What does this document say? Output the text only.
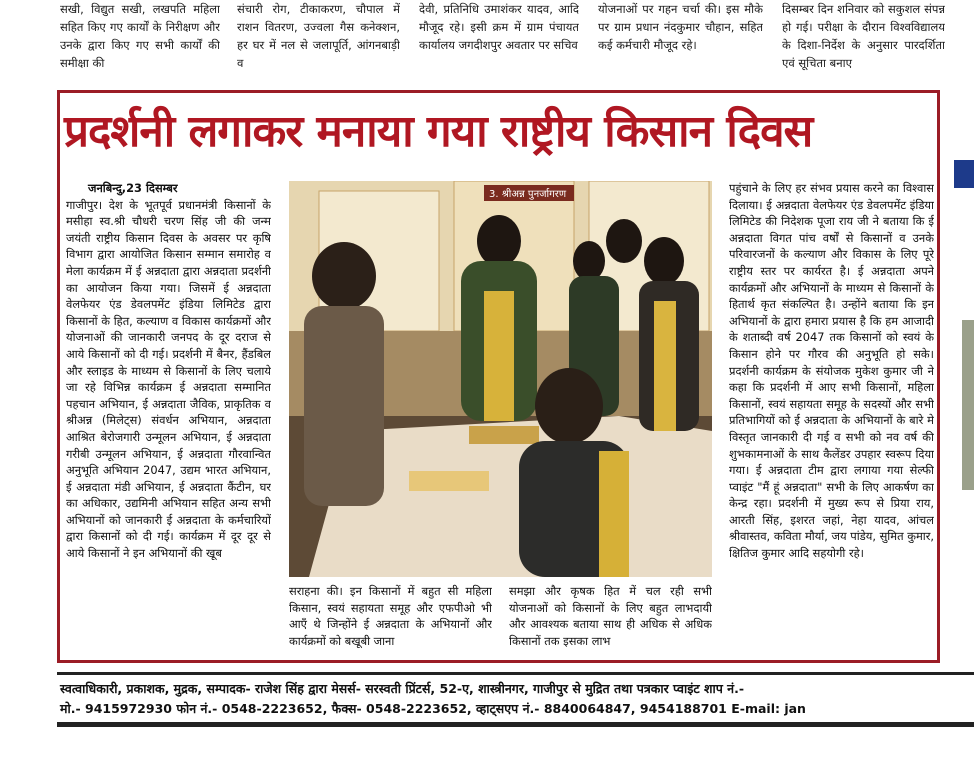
सखी, विद्युत सखी, लखपति महिला सहित किए गए कार्यों के निरीक्षण और उनके द्वारा किए गए सभी कार्यों की समीक्षा की

संचारी रोग, टीकाकरण, चौपाल में राशन वितरण, उज्वला गैस कनेक्शन, हर घर में नल से जलापूर्ति, आंगनबाड़ी व

देवी, प्रतिनिधि उमाशंकर यादव, आदि मौजूद रहे। इसी क्रम में ग्राम पंचायत कार्यालय जगदीशपुर अवतार पर सचिव

योजनाओं पर गहन चर्चा की। इस मौके पर ग्राम प्रधान नंदकुमार चौहान, सहित कई कर्मचारी मौजूद रहे।

दिसम्बर दिन शनिवार को सकुशल संपन्न हो गई। परीक्षा के दौरान विश्वविद्यालय के दिशा-निर्देश के अनुसार पारदर्शिता एवं सूचिता बनाए

प्रदर्शनी लगाकर मनाया गया राष्ट्रीय किसान दिवस

जनबिन्दु,23 दिसम्बर

गाजीपुर। देश के भूतपूर्व प्रधानमंत्री किसानों के मसीहा स्व.श्री चौधरी चरण सिंह जी की जन्म जयंती राष्ट्रीय किसान दिवस के अवसर पर कृषि विभाग द्वारा आयोजित किसान सम्मान समारोह व मेला कार्यक्रम में ई अन्नदाता द्वारा अन्नदाता प्रदर्शनी का आयोजन किया गया। जिसमें ई अन्नदाता वेलफेयर एंड डेवलपमेंट इंडिया लिमिटेड द्वारा किसानों के हित, कल्याण व विकास कार्यक्रमों और योजनाओं की जानकारी जनपद के दूर दराज से आये किसानों को दी गई। प्रदर्शनी में बैनर, हैंडबिल और स्लाइड के माध्यम से किसानों के लिए चलाये जा रहे विभिन्न कार्यक्रम ई अन्नदाता सम्मानित पहचान अभियान, ई अन्नदाता जैविक, प्राकृतिक व श्रीअन्न (मिलेट्स) संवर्धन अभियान, अन्नदाता आश्रित बेरोजगारी उन्मूलन अभियान, ई अन्नदाता गरीबी उन्मूलन अभियान, ई अन्नदाता गौरवान्वित अनुभूति अभियान 2047, उद्यम भारत अभियान, ई अन्नदाता मंडी अभियान, ई अन्नदाता कैंटीन, घर का अधिकार, उद्यमिनी अभियान सहित अन्य सभी अभियानों को जानकारी ई अन्नदाता के कर्मचारियों द्वारा किसानों को दी गई। कार्यक्रम में दूर दूर से आये किसानों ने इन अभियानों की खूब

3. श्रीअन्न पुनर्जागरण

सराहना की। इन किसानों में बहुत सी महिला किसान, स्वयं सहायता समूह और एफपीओ भी आएँ थे जिन्होंने ई अन्नदाता के अभियानों और कार्यक्रमों को बखूबी जाना

समझा और कृषक हित में चल रही सभी योजनाओं को किसानों के लिए बहुत लाभदायी और आवश्यक बताया साथ ही अधिक से अधिक किसानों तक इसका लाभ

पहुंचाने के लिए हर संभव प्रयास करने का विश्वास दिलाया। ई अन्नदाता वेलफेयर एंड डेवलपमेंट इंडिया लिमिटेड की निदेशक पूजा राय जी ने बताया कि ई अन्नदाता विगत पांच वर्षों से किसानों व उनके परिवारजनों के कल्याण और विकास के लिए पूरे राष्ट्रीय स्तर पर कार्यरत है। ई अन्नदाता अपने कार्यक्रमों और अभियानों के माध्यम से किसानों के हितार्थ कृत संकल्पित है। उन्होंने बताया कि इन अभियानों के द्वारा हमारा प्रयास है कि हम आजादी के शताब्दी वर्ष 2047 तक किसानों को स्वयं के किसान होने पर गौरव की अनुभूति हो सके। प्रदर्शनी कार्यक्रम के संयोजक मुकेश कुमार जी ने कहा कि प्रदर्शनी में आए सभी किसानों, महिला किसानों, स्वयं सहायता समूह के सदस्यों और सभी प्रतिभागियों को ई अन्नदाता के अभियानों के बारे मे विस्तृत जानकारी दी गई व सभी को नव वर्ष की शुभकामनाओं के साथ कैलेंडर उपहार स्वरूप दिया गया। ई अन्नदाता टीम द्वारा लगाया गया सेल्फी प्वाइंट "मैं हूं अन्नदाता" सभी के लिए आकर्षण का केन्द्र रहा। प्रदर्शनी में मुख्य रूप से प्रिया राय, आरती सिंह, इशरत जहां, नेहा यादव, आंचल श्रीवास्तव, कविता मौर्या, जय पांडेय, सुमित कुमार, क्षितिज कुमार आदि सहयोगी रहे।

स्वत्वाधिकारी, प्रकाशक, मुद्रक, सम्पादक- राजेश सिंह द्वारा मेसर्स- सरस्वती प्रिंटर्स, 52-ए, शास्त्रीनगर, गाजीपुर से मुद्रित तथा पत्रकार प्वाइंट शाप नं.-
मो.- 9415972930 फोन नं.- 0548-2223652, फैक्स- 0548-2223652, व्हाट्सएप नं.- 8840064847, 9454188701 E-mail: jan
